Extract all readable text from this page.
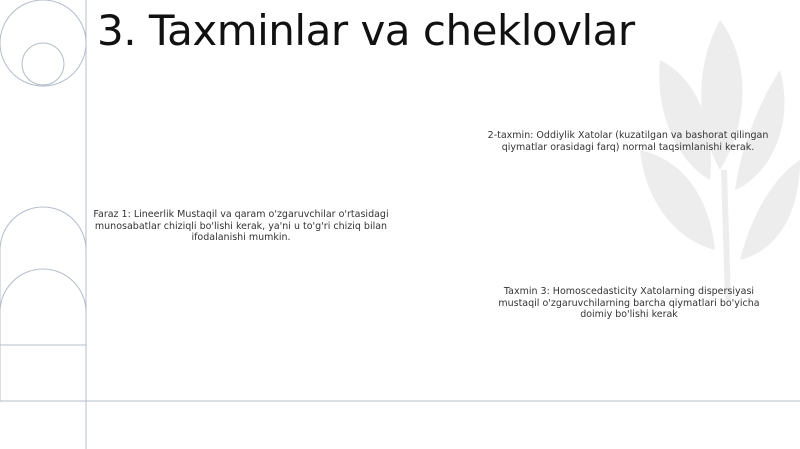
3. Taxminlar va cheklovlar
Faraz 1: Lineerlik Mustaqil va qaram o'zgaruvchilar o'rtasidagi munosabatlar chiziqli bo'lishi kerak, ya'ni u to'g'ri chiziq bilan ifodalanishi mumkin.
2-taxmin: Oddiylik Xatolar (kuzatilgan va bashorat qilingan qiymatlar orasidagi farq) normal taqsimlanishi kerak.
Taxmin 3: Homoscedasticity Xatolarning dispersiyasi mustaqil o'zgaruvchilarning barcha qiymatlari bo'yicha doimiy bo'lishi kerak
